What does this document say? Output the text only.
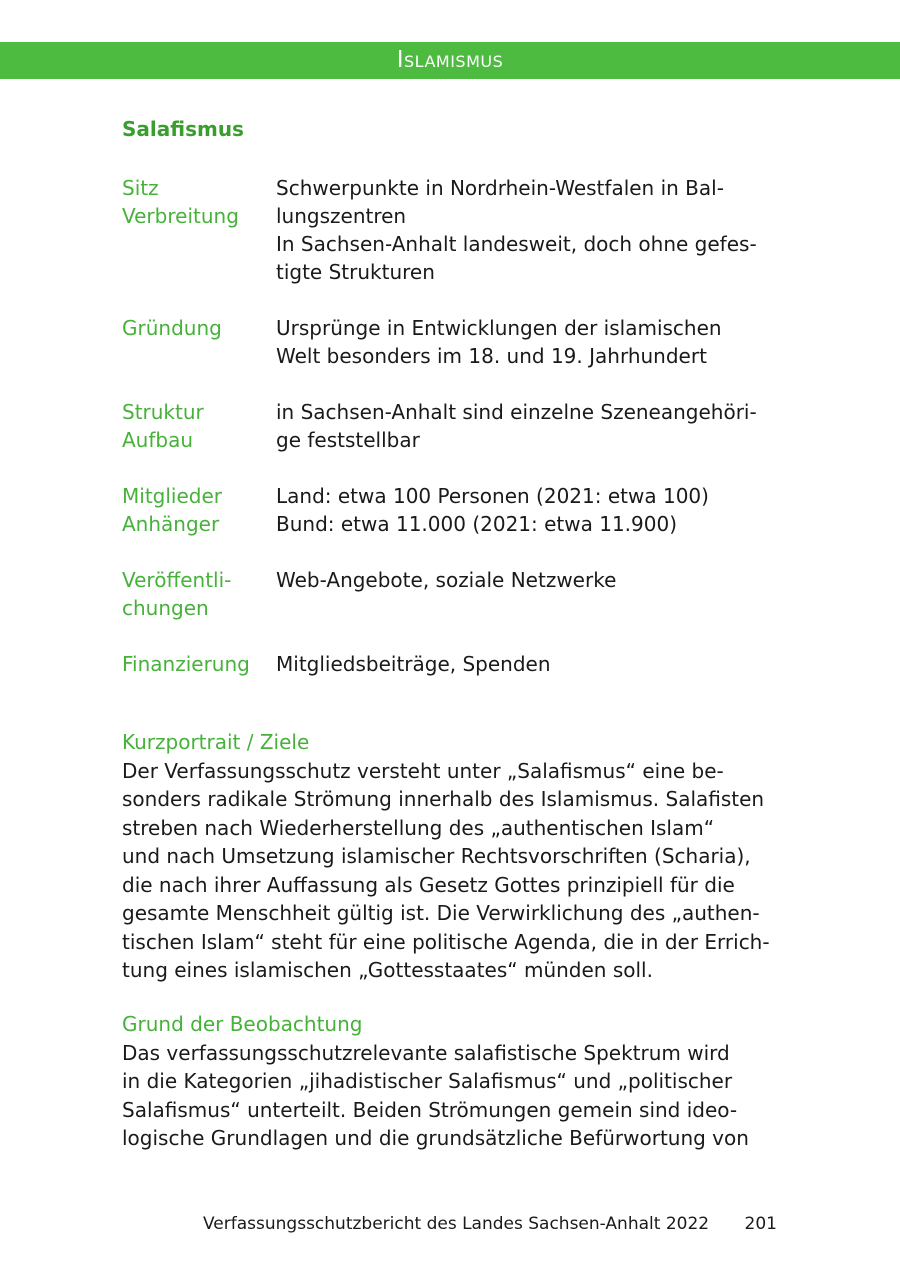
Islamismus
Salafismus
Sitz
Verbreitung
Schwerpunkte in Nordrhein-Westfalen in Bal-
lungszentren
In Sachsen-Anhalt landesweit, doch ohne gefes-
tigte Strukturen
Gründung	Ursprünge in Entwicklungen der islamischen
Welt besonders im 18. und 19. Jahrhundert
Struktur
Aufbau
in Sachsen-Anhalt sind einzelne Szeneangehöri-
ge feststellbar
Mitglieder
Anhänger
Land: etwa 100 Personen (2021: etwa 100)
Bund: etwa 11.000 (2021: etwa 11.900)
Veröffentli-
chungen
Web-Angebote, soziale Netzwerke
Finanzierung	Mitgliedsbeiträge, Spenden
Kurzportrait / Ziele
Der Verfassungsschutz versteht unter „Salafismus“ eine be-
sonders radikale Strömung innerhalb des Islamismus. Salafisten
streben nach Wiederherstellung des „authentischen Islam“
und nach Umsetzung islamischer Rechtsvorschriften (Scharia),
die nach ihrer Auffassung als Gesetz Gottes prinzipiell für die
gesamte Menschheit gültig ist. Die Verwirklichung des „authen-
tischen Islam“ steht für eine politische Agenda, die in der Errich-
tung eines islamischen „Gottesstaates“ münden soll.
Grund der Beobachtung
Das verfassungsschutzrelevante salafistische Spektrum wird
in die Kategorien „jihadistischer Salafismus“ und „politischer
Salafismus“ unterteilt. Beiden Strömungen gemein sind ideo-
logische Grundlagen und die grundsätzliche Befürwortung von
Verfassungsschutzbericht des Landes Sachsen-Anhalt 2022 201
